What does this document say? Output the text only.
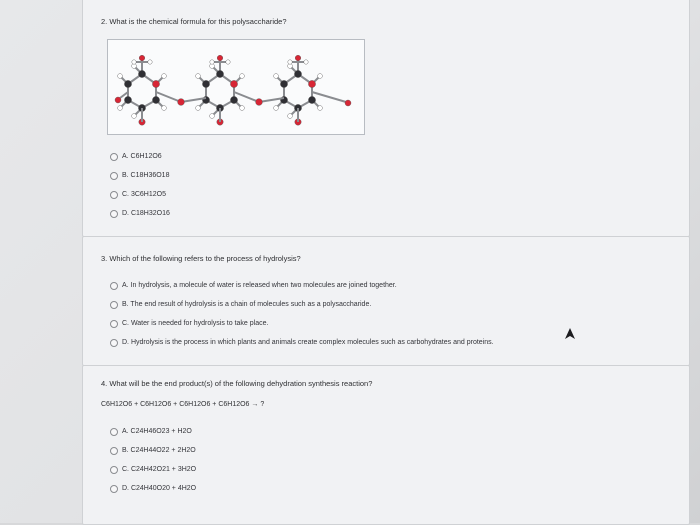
2. What is the chemical formula for this polysaccharide?
A. C6H12O6
B. C18H36O18
C. 3C6H12O5
D. C18H32O16
3. Which of the following refers to the process of hydrolysis?
A. In hydrolysis, a molecule of water is released when two molecules are joined together.
B. The end result of hydrolysis is a chain of molecules such as a polysaccharide.
C. Water is needed for hydrolysis to take place.
D. Hydrolysis is the process in which plants and animals create complex molecules such as carbohydrates and proteins.
4. What will be the end product(s) of the following dehydration synthesis reaction?
C6H12O6 + C6H12O6 + C6H12O6 + C6H12O6 → ?
A. C24H46O23 + H2O
B. C24H44O22 + 2H2O
C. C24H42O21 + 3H2O
D. C24H40O20 + 4H2O
